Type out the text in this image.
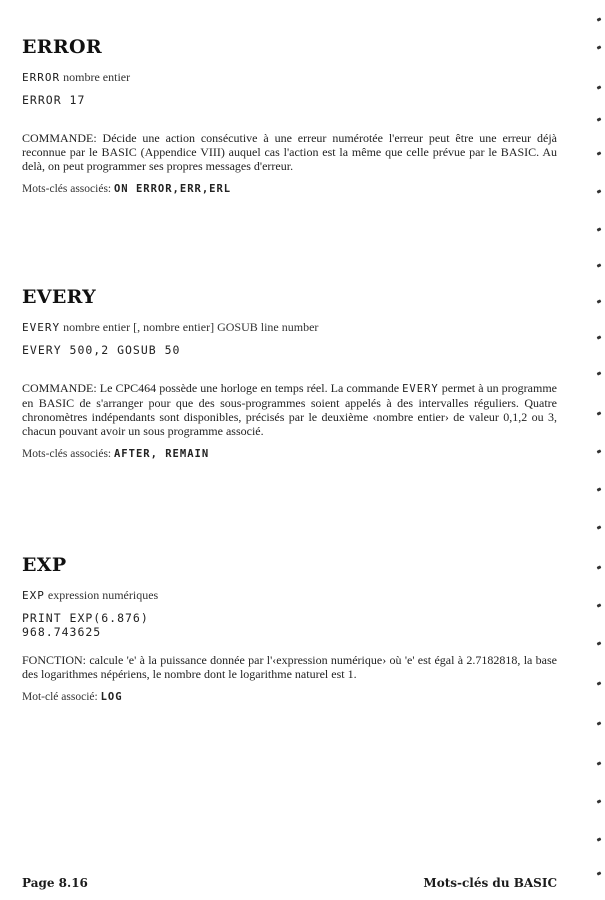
ERROR
ERROR nombre entier
ERROR 17

COMMANDE: Décide une action consécutive à une erreur numérotée l'erreur peut être une erreur déjà reconnue par le BASIC (Appendice VIII) auquel cas l'action est la même que celle prévue par le BASIC. Au delà, on peut programmer ses propres messages d'erreur.

Mots-clés associés: ON ERROR,ERR,ERL
EVERY
EVERY nombre entier [, nombre entier] GOSUB line number
EVERY 500,2 GOSUB 50

COMMANDE: Le CPC464 possède une horloge en temps réel. La commande EVERY permet à un programme en BASIC de s'arranger pour que des sous-programmes soient appelés à des intervalles réguliers. Quatre chronomètres indépendants sont disponibles, précisés par le deuxième ‹nombre entier› de valeur 0,1,2 ou 3, chacun pouvant avoir un sous programme associé.

Mots-clés associés: AFTER, REMAIN
EXP
EXP expression numériques
PRINT EXP(6.876)
968.743625

FONCTION: calcule 'e' à la puissance donnée par l'‹expression numérique› où 'e' est égal à 2.7182818, la base des logarithmes népériens, le nombre dont le logarithme naturel est 1.

Mot-clé associé: LOG
Page 8.16	Mots-clés du BASIC
